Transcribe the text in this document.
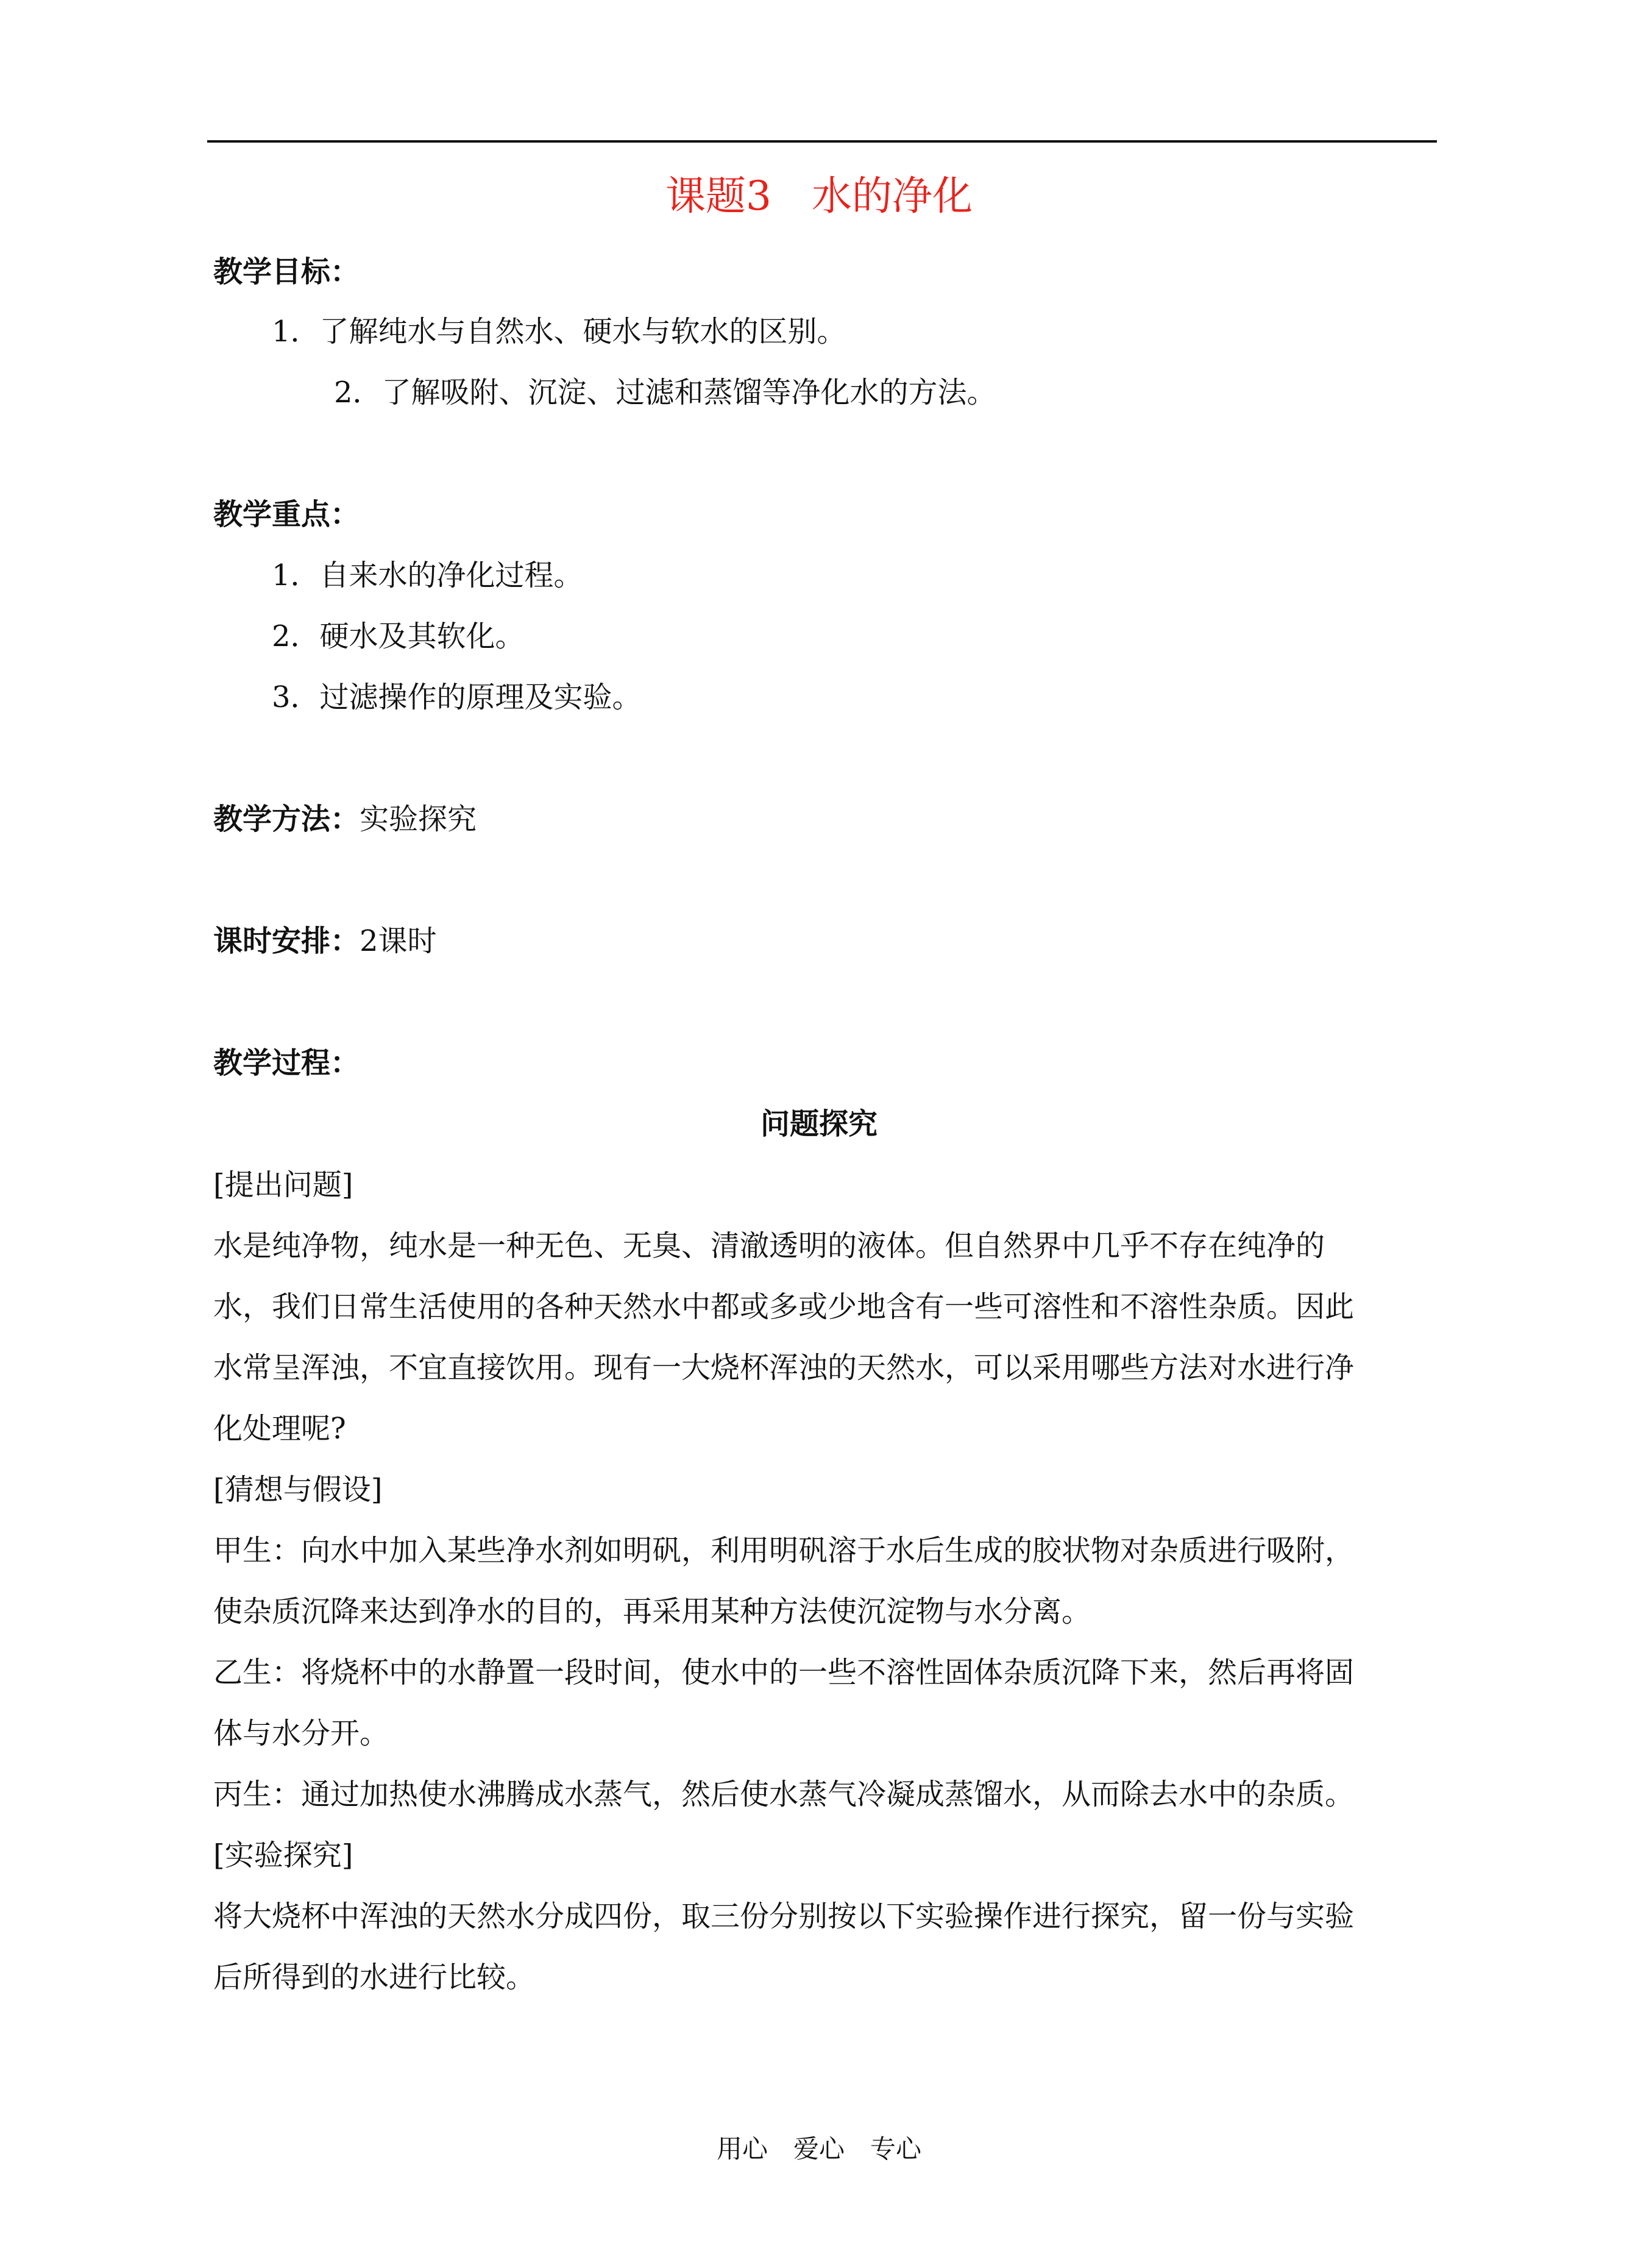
课题3　水的净化
教学目标：
1．了解纯水与自然水、硬水与软水的区别。
2．了解吸附、沉淀、过滤和蒸馏等净化水的方法。
教学重点：
1．自来水的净化过程。
2．硬水及其软化。
3．过滤操作的原理及实验。
教学方法：实验探究
课时安排：2课时
教学过程：
问题探究
[提出问题]
水是纯净物，纯水是一种无色、无臭、清澈透明的液体。但自然界中几乎不存在纯净的
水，我们日常生活使用的各种天然水中都或多或少地含有一些可溶性和不溶性杂质。因此
水常呈浑浊，不宜直接饮用。现有一大烧杯浑浊的天然水，可以采用哪些方法对水进行净
化处理呢?
[猜想与假设]
甲生：向水中加入某些净水剂如明矾，利用明矾溶于水后生成的胶状物对杂质进行吸附，
使杂质沉降来达到净水的目的，再采用某种方法使沉淀物与水分离。
乙生：将烧杯中的水静置一段时间，使水中的一些不溶性固体杂质沉降下来，然后再将固
体与水分开。
丙生：通过加热使水沸腾成水蒸气，然后使水蒸气冷凝成蒸馏水，从而除去水中的杂质。
[实验探究]
将大烧杯中浑浊的天然水分成四份，取三份分别按以下实验操作进行探究，留一份与实验
后所得到的水进行比较。
用心　爱心　专心
